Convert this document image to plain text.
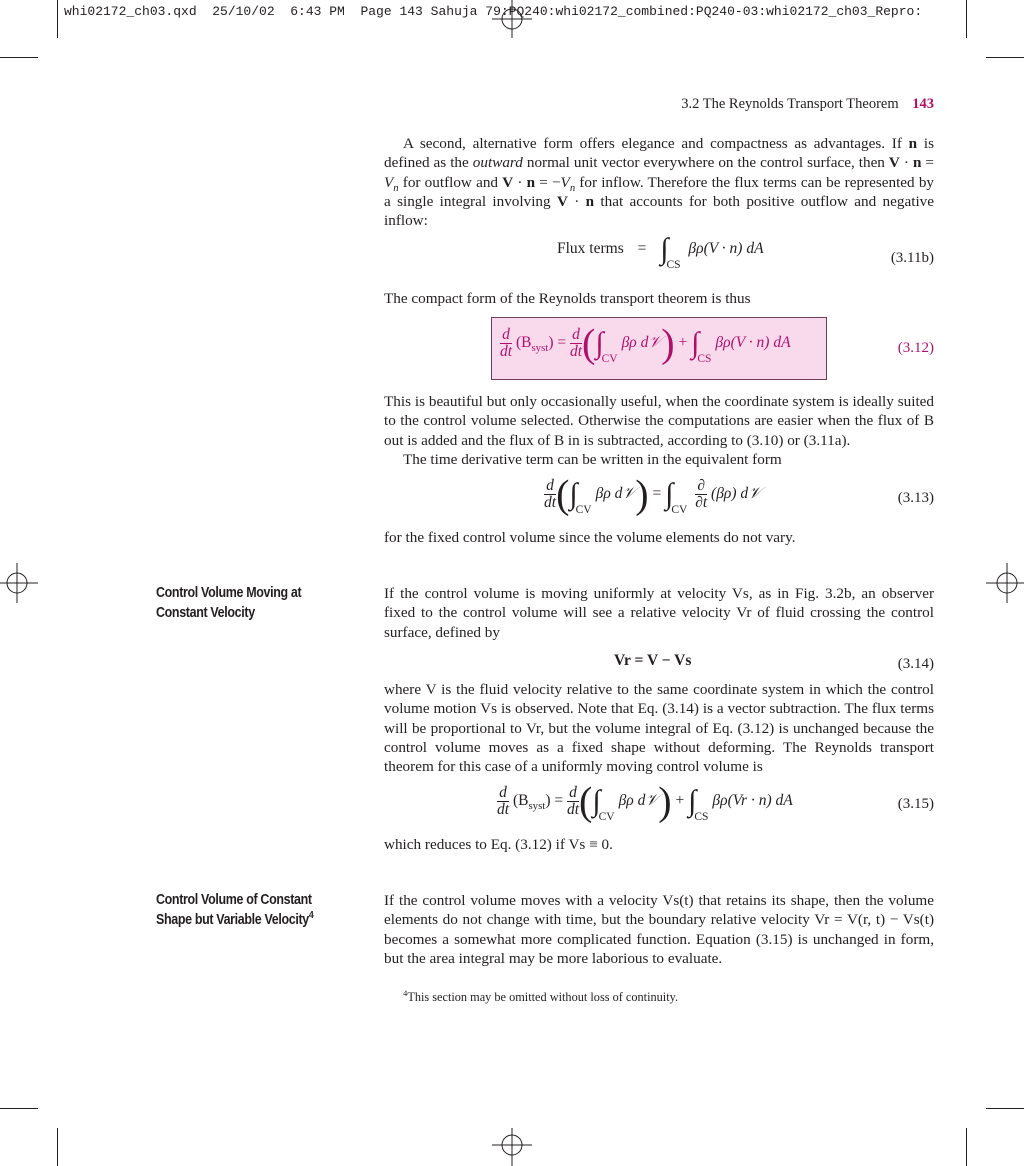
whi02172_ch03.qxd  25/10/02  6:43 PM  Page 143 Sahuja 79:PQ240:whi02172_combined:PQ240-03:whi02172_ch03_Repro:
3.2 The Reynolds Transport Theorem 143
A second, alternative form offers elegance and compactness as advantages. If n is defined as the outward normal unit vector everywhere on the control surface, then $V \cdot n = V_n$ for outflow and $V \cdot n = -V_n$ for inflow. Therefore the flux terms can be represented by a single integral involving V · n that accounts for both positive outflow and negative inflow:
Flux terms = $\int_{CS}$ βρ(V · n) dA
(3.11b)
The compact form of the Reynolds transport theorem is thus
$\frac{d}{dt} (B_{syst}) = \frac{d}{dt} (\int_{CV}\beta\rho$ d𝒱) + $\int_{CS}\beta\rho(V \cdot n)$ dA	(3.12)
This is beautiful but only occasionally useful, when the coordinate system is ideally suited to the control volume selected. Otherwise the computations are easier when the flux of B out is added and the flux of B in is subtracted, according to (3.10) or (3.11a).
The time derivative term can be written in the equivalent form
$\frac{d}{dt} (\int_{CV}\beta\rho$ d𝒱) = $\int_{CV} \frac{\partial}{\partial t} (\beta\rho)$ d𝒱	(3.13)
for the fixed control volume since the volume elements do not vary.
Control Volume Moving at
Constant Velocity
If the control volume is moving uniformly at velocity Vs, as in Fig. 3.2b, an observer fixed to the control volume will see a relative velocity Vr of fluid crossing the control surface, defined by
Vr = V − Vs	(3.14)
where V is the fluid velocity relative to the same coordinate system in which the control volume motion Vs is observed. Note that Eq. (3.14) is a vector subtraction. The flux terms will be proportional to Vr, but the volume integral of Eq. (3.12) is unchanged because the control volume moves as a fixed shape without deforming. The Reynolds transport theorem for this case of a uniformly moving control volume is
$\frac{d}{dt} (B_{syst}) = \frac{d}{dt} (\int_{CV}\beta\rho$ d𝒱) + $\int_{CS}\beta\rho(Vr \cdot n)$ dA	(3.15)
which reduces to Eq. (3.12) if Vs ≡ 0.
Control Volume of Constant
Shape but Variable Velocity$^4$
If the control volume moves with a velocity Vs(t) that retains its shape, then the volume elements do not change with time, but the boundary relative velocity Vr = V(r, t) − Vs(t) becomes a somewhat more complicated function. Equation (3.15) is unchanged in form, but the area integral may be more laborious to evaluate.
$^4$This section may be omitted without loss of continuity.
